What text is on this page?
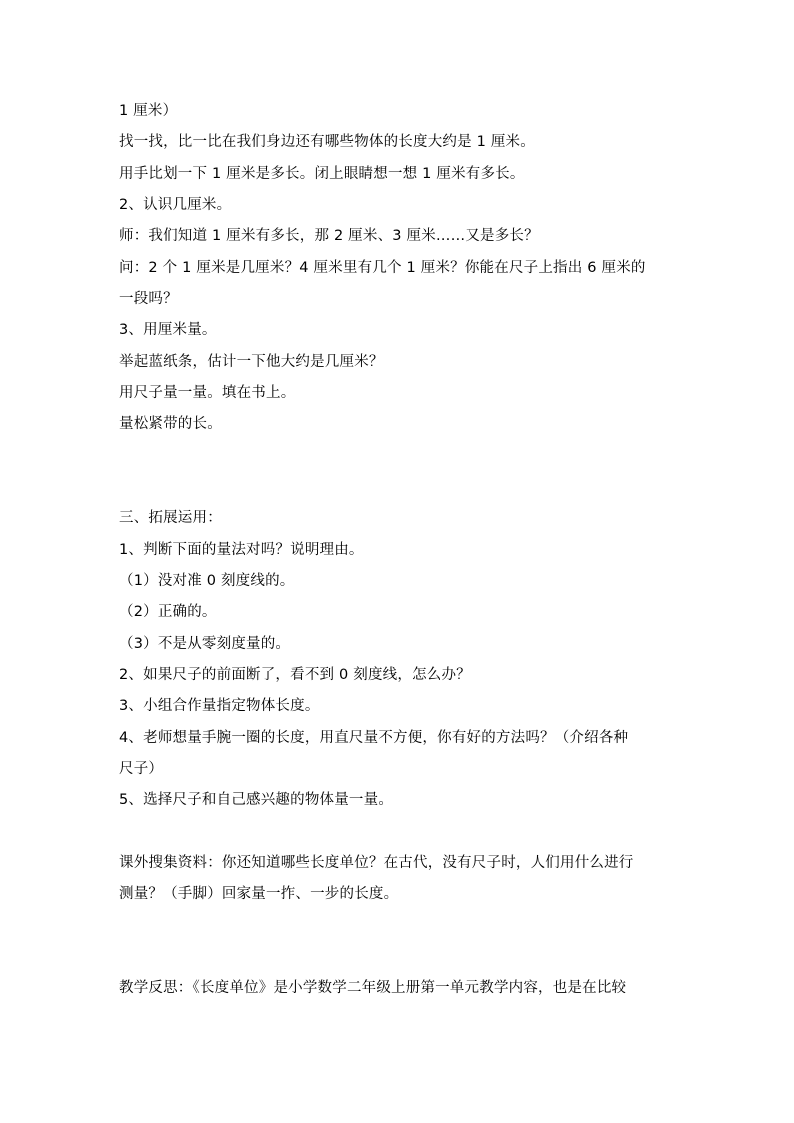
1 厘米）
找一找，比一比在我们身边还有哪些物体的长度大约是 1 厘米。
用手比划一下 1 厘米是多长。闭上眼睛想一想 1 厘米有多长。
2、认识几厘米。
师：我们知道 1 厘米有多长，那 2 厘米、3 厘米……又是多长？
问：2 个 1 厘米是几厘米？4 厘米里有几个 1 厘米？你能在尺子上指出 6 厘米的
一段吗？
3、用厘米量。
举起蓝纸条，估计一下他大约是几厘米？
用尺子量一量。填在书上。
量松紧带的长。
三、拓展运用：
1、判断下面的量法对吗？说明理由。
（1）没对准 0 刻度线的。
（2）正确的。
（3）不是从零刻度量的。
2、如果尺子的前面断了，看不到 0 刻度线，怎么办？
3、小组合作量指定物体长度。
4、老师想量手腕一圈的长度，用直尺量不方便，你有好的方法吗？（介绍各种
尺子）
5、选择尺子和自己感兴趣的物体量一量。
课外搜集资料：你还知道哪些长度单位？在古代，没有尺子时，人们用什么进行
测量？（手脚）回家量一拃、一步的长度。
教学反思：《长度单位》是小学数学二年级上册第一单元教学内容，也是在比较
